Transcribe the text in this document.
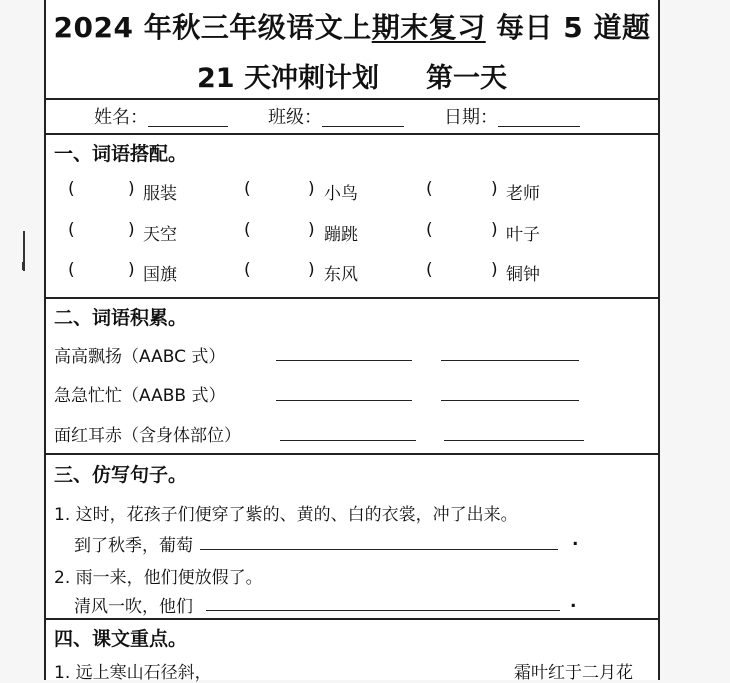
2024 年秋三年级语文上期末复习 每日 5 道题
21 天冲刺计划     第一天
姓名：	班级：	日期：
一、词语搭配。
(	) 服装	(	) 小鸟	(	) 老师
(	) 天空	(	) 蹦跳	(	) 叶子
(	) 国旗	(	) 东风	(	) 铜钟
二、词语积累。
高高飘扬（AABC 式）
急急忙忙（AABB 式）
面红耳赤（含身体部位）
三、仿写句子。
1. 这时，花孩子们便穿了紫的、黄的、白的衣裳，冲了出来。
到了秋季，葡萄	.
2. 雨一来，他们便放假了。
清风一吹，他们	.
四、课文重点。
1. 远上寒山石径斜，	霜叶红于二月花
